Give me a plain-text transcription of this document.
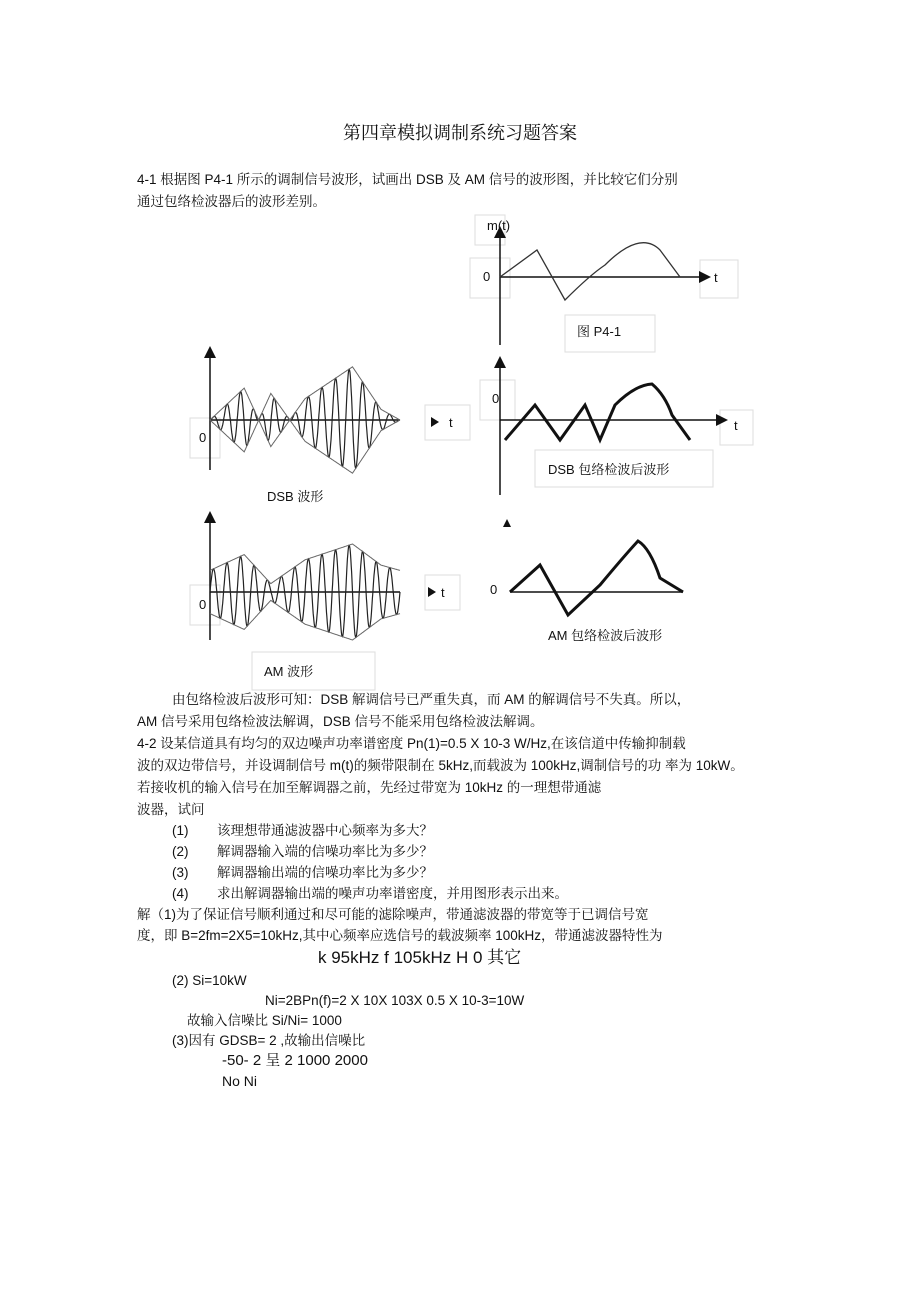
第四章模拟调制系统习题答案
4-1 根据图 P4-1 所示的调制信号波形，试画出 DSB 及 AM 信号的波形图，并比较它们分别
通过包络检波器后的波形差别。
m(t)
0	t
图 P4-1
0
t
DSB 波形
0
t
DSB 包络检波后波形
0
t
AM 波形
0
AM 包络检波后波形
由包络检波后波形可知：DSB 解调信号已严重失真，而 AM 的解调信号不失真。所以，
AM 信号采用包络检波法解调，DSB 信号不能采用包络检波法解调。
4-2 设某信道具有均匀的双边噪声功率谱密度 Pn(1)=0.5 X 10-3 W/Hz,在该信道中传输抑制载
波的双边带信号，并设调制信号 m(t)的频带限制在 5kHz,而载波为 100kHz,调制信号的功 率为 10kW。
若接收机的输入信号在加至解调器之前，先经过带宽为 10kHz 的一理想带通滤
波器，试问
(1) 该理想带通滤波器中心频率为多大？
(2) 解调器输入端的信噪功率比为多少？
(3) 解调器输出端的信噪功率比为多少？
(4) 求出解调器输出端的噪声功率谱密度，并用图形表示出来。
解（1)为了保证信号顺利通过和尽可能的滤除噪声，带通滤波器的带宽等于已调信号宽
度，即 B=2fm=2X5=10kHz,其中心频率应选信号的载波频率 100kHz，带通滤波器特性为
k 95kHz f 105kHz H 0 其它
(2) Si=10kW
Ni=2BPn(f)=2 X 10X 103X 0.5 X 10-3=10W
故输入信噪比 Si/Ni= 1000
(3)因有 GDSB= 2 ,故输出信噪比
-50- 2 呈 2 1000 2000
No Ni
